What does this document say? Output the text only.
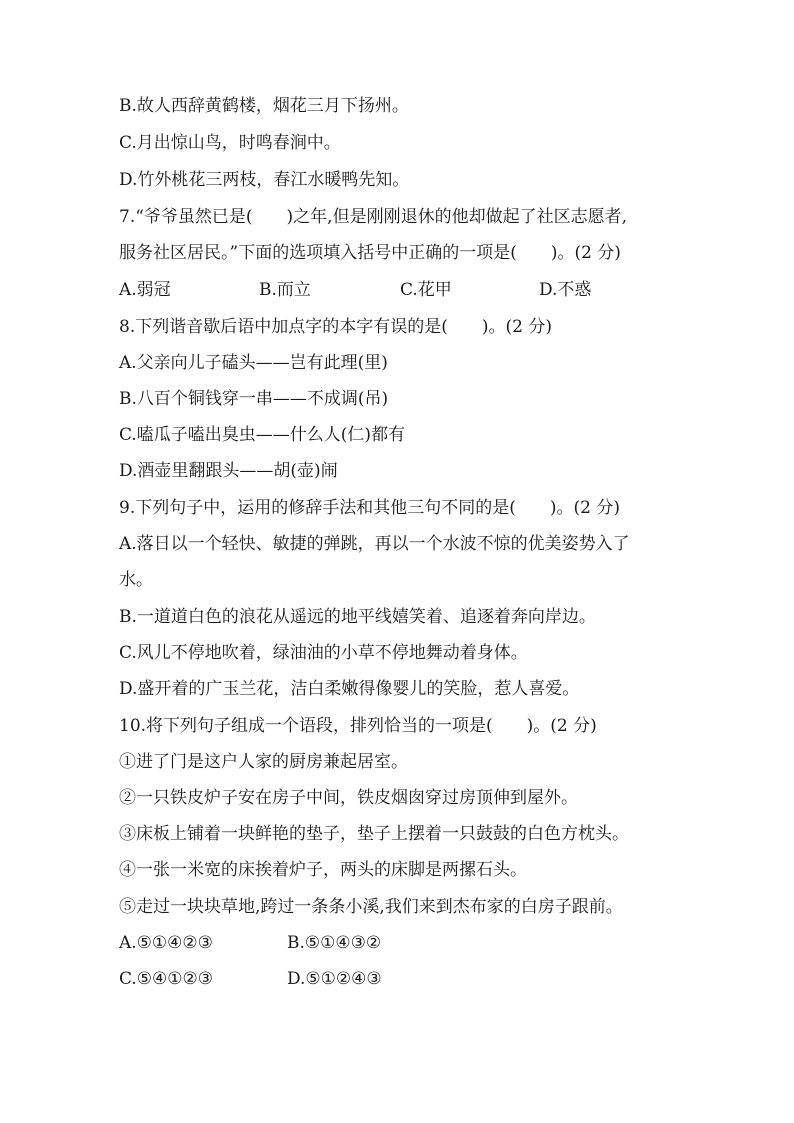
B.故人西辞黄鹤楼，烟花三月下扬州。
C.月出惊山鸟，时鸣春涧中。
D.竹外桃花三两枝，春江水暖鸭先知。
7.“爷爷虽然已是(　　)之年,但是刚刚退休的他却做起了社区志愿者,
服务社区居民。”下面的选项填入括号中正确的一项是(　　)。(2 分)
A.弱冠	B.而立	C.花甲	D.不惑
8.下列谐音歇后语中加点字的本字有误的是(　　)。(2 分)
A.父亲向儿子磕头——岂有此理(里)
B.八百个铜钱穿一串——不成调(吊)
C.嗑瓜子嗑出臭虫——什么人(仁)都有
D.酒壶里翻跟头——胡(壶)闹
9.下列句子中，运用的修辞手法和其他三句不同的是(　　)。(2 分)
A.落日以一个轻快、敏捷的弹跳，再以一个水波不惊的优美姿势入了
水。
B.一道道白色的浪花从遥远的地平线嬉笑着、追逐着奔向岸边。
C.风儿不停地吹着，绿油油的小草不停地舞动着身体。
D.盛开着的广玉兰花，洁白柔嫩得像婴儿的笑脸，惹人喜爱。
10.将下列句子组成一个语段，排列恰当的一项是(　　)。(2 分)
①进了门是这户人家的厨房兼起居室。
②一只铁皮炉子安在房子中间，铁皮烟囱穿过房顶伸到屋外。
③床板上铺着一块鲜艳的垫子，垫子上摆着一只鼓鼓的白色方枕头。
④一张一米宽的床挨着炉子，两头的床脚是两摞石头。
⑤走过一块块草地,跨过一条条小溪,我们来到杰布家的白房子跟前。
A.⑤①④②③	B.⑤①④③②
C.⑤④①②③	D.⑤①②④③
